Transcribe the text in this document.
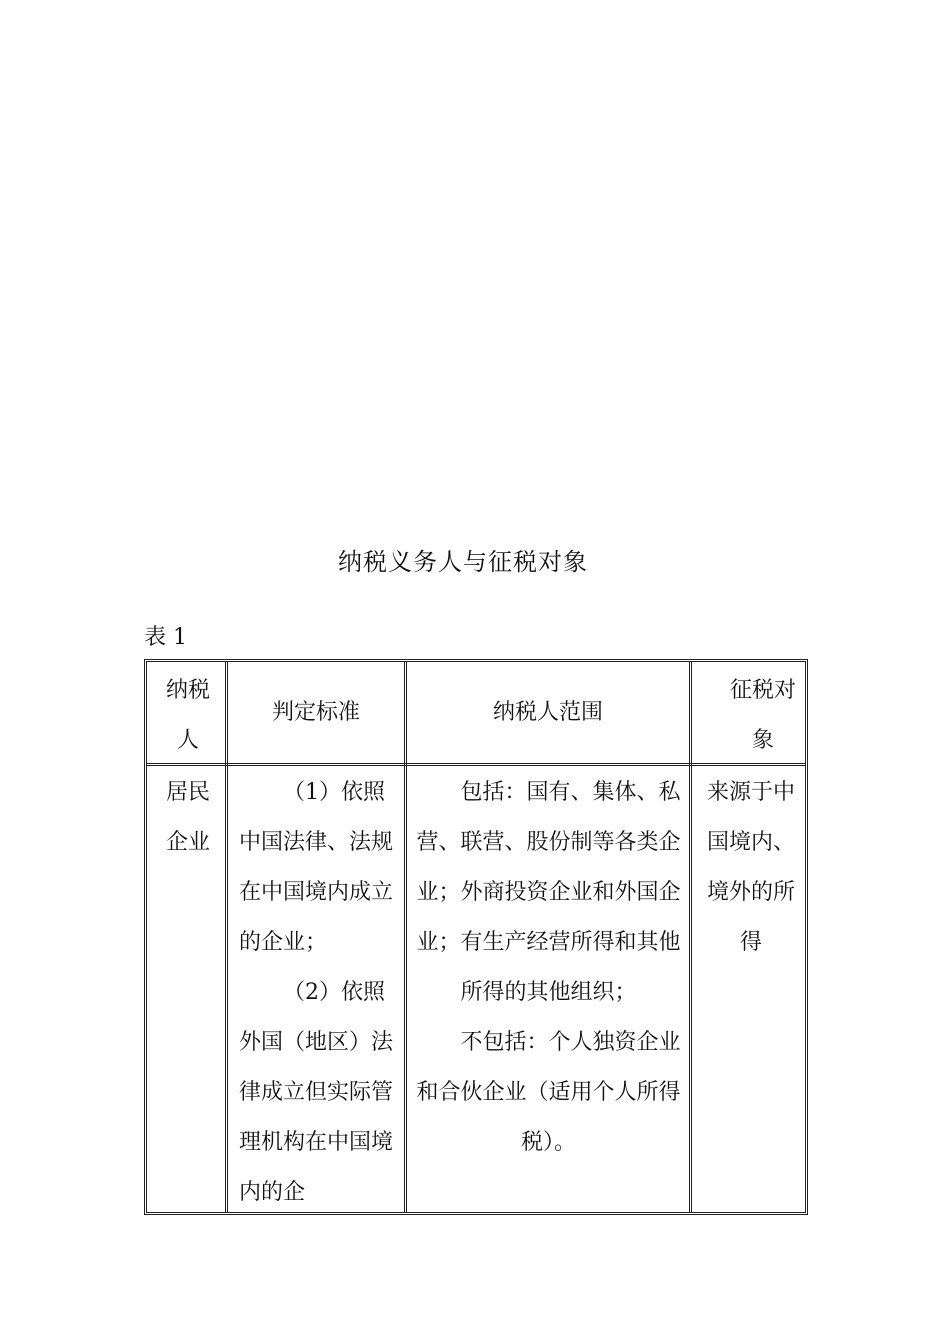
纳税义务人与征税对象
表 1
纳税人
判定标准	纳税人范围
征税对象
居民企业

（1）依照中国法律、法规在中国境内成立的企业；

（2）依照外国（地区）法律成立但实际管理机构在中国境内的企

包括：国有、集体、私营、联营、股份制等各类企业；外商投资企业和外国企业；有生产经营所得和其他所得的其他组织；

不包括：个人独资企业和合伙企业（适用个人所得税）。

来源于中国境内、境外的所得
